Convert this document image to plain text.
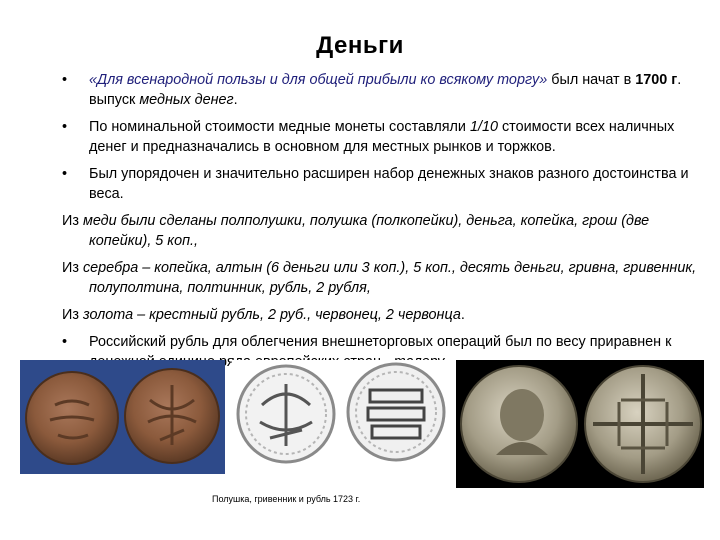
Деньги
• «Для всенародной пользы и для общей прибыли ко всякому торгу» был начат в 1700 г. выпуск медных денег.
• По номинальной стоимости медные монеты составляли 1/10 стоимости всех наличных денег и предназначались в основном для местных рынков и торжков.
• Был упорядочен и значительно расширен набор денежных знаков разного достоинства и веса.
Из меди были сделаны полполушки, полушка (полкопейки), деньга, копейка, грош (две копейки), 5 коп.,
Из серебра – копейка, алтын (6 деньги или 3 коп.), 5 коп., десять деньги, гривна, гривенник, полуполтина, полтинник, рубль, 2 рубля,
Из золота – крестный рубль, 2 руб., червонец, 2 червонца.
• Российский рубль для облегчения внешнеторговых операций был по весу приравнен к
Полушка, гривенник и рубль 1723 г.
